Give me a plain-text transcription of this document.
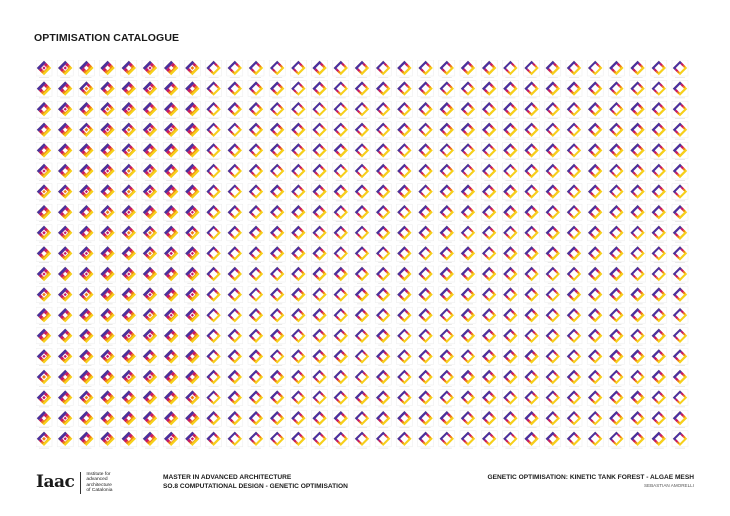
OPTIMISATION CATALOGUE
Iaac Institute for
advanced
architecture
of Catalonia
MASTER IN ADVANCED ARCHITECTURE
SO.8 COMPUTATIONAL DESIGN - GENETIC OPTIMISATION
GENETIC OPTIMISATION: KINETIC TANK FOREST - ALGAE MESH
SEBASTIAN AMORELLI
